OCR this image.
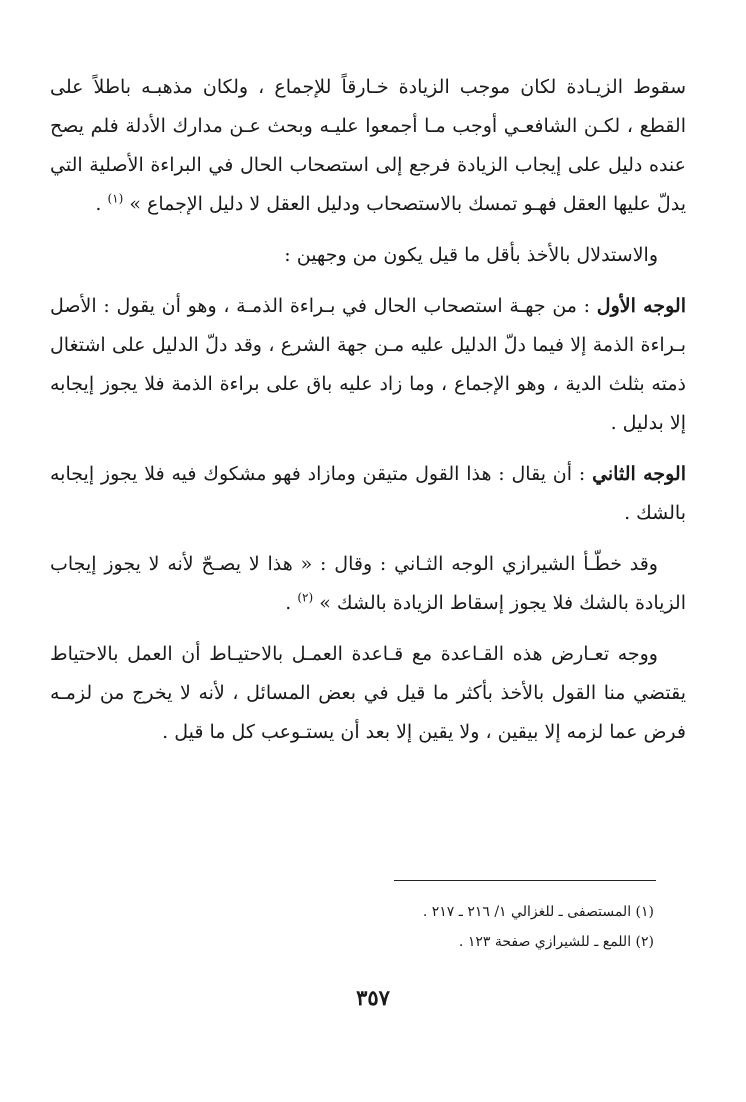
سقوط الزيـادة لكان موجب الزيادة خـارقاً للإجماع ، ولكان مذهبـه باطلاً على القطع ، لكـن الشافعـي أوجب مـا أجمعوا عليـه وبحث عـن مدارك الأدلة فلم يصح عنده دليل على إيجاب الزيادة فرجع إلى استصحاب الحال في البراءة الأصلية التي يدلّ عليها العقل فهـو تمسك بالاستصحاب ودليل العقل لا دليل الإجماع » $^{(١)}$ .

والاستدلال بالأخذ بأقل ما قيل يكون من وجهين :

الوجه الأول : من جهـة استصحاب الحال في بـراءة الذمـة ، وهو أن يقول : الأصل بـراءة الذمة إلا فيما دلّ الدليل عليه مـن جهة الشرع ، وقد دلّ الدليل على اشتغال ذمته بثلث الدية ، وهو الإجماع ، وما زاد عليه باق على براءة الذمة فلا يجوز إيجابه إلا بدليل .

الوجه الثاني : أن يقال : هذا القول متيقن ومازاد فهو مشكوك فيه فلا يجوز إيجابه بالشك .

وقد خطّـأ الشيرازي الوجه الثـاني : وقال : « هذا لا يصـحّ لأنه لا يجوز إيجاب الزيادة بالشك فلا يجوز إسقاط الزيادة بالشك » $^{(٢)}$ .

ووجه تعـارض هذه القـاعدة مع قـاعدة العمـل بالاحتيـاط أن العمل بالاحتياط يقتضي منا القول بالأخذ بأكثر ما قيل في بعض المسائل ، لأنه لا يخرج من لزمـه فرض عما لزمه إلا بيقين ، ولا يقين إلا بعد أن يستـوعب كل ما قيل .

(١) المستصفى ـ للغزالي ١/ ٢١٦ ـ ٢١٧ .

(٢) اللمع ـ للشيرازي صفحة ١٢٣ .

٣٥٧
